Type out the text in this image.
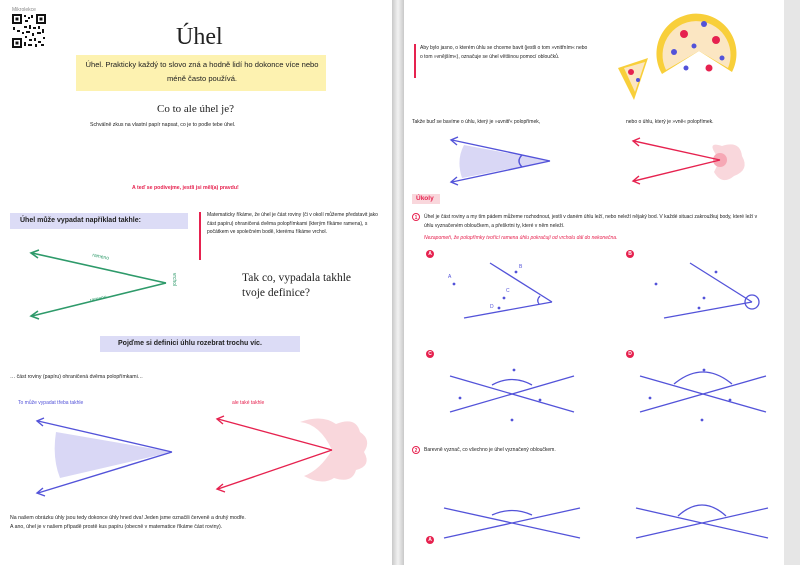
Mikrolekce

Úhel

Úhel. Prakticky každý to slovo zná a hodně lidí ho dokonce více nebo méně často používá.

Co to ale úhel je?

Schválně zkus na vlastní papír napsat, co je to podle tebe úhel.

A teď se podívejme, jestli jsi měl(a) pravdu!

Úhel může vypadat například takhle:

Matematicky říkáme, že úhel je část roviny (či v okolí můžeme představit jako část papíru) ohraničená dvěma polopřímkami (kterým říkáme ramena), s počátkem ve společném bodě, kterému říkáme vrchol.

rameno

rameno

vrchol	Tak co, vypadala takhle tvoje definice?

Pojďme si definici úhlu rozebrat trochu víc.

… část roviny (papíru) ohraničená dvěma polopřímkami…

To může vypadat třeba takhle	ale také takhle

Na našem obrázku úhly jsou tedy dokonce úhly hned dva! Jeden jsme označili červeně a druhý modře. A ano, úhel je v našem případě prostě kus papíru (obecně v matematice říkáme část roviny).

Aby bylo jasno, o kterém úhlu se chceme bavit (jestli o tom »vnitřním« nebo o tom »vnějším«), označuje se úhel většinou pomocí obloučků.

Takže buď se bavíme o úhlu, který je »uvnitř« polopřímek,	nebo o úhlu, který je »vně« polopřímek.

Úkoly

1	Úhel je část roviny a my tím pádem můžeme rozhodnout, jestli v daném úhlu leží, nebo neleží nějaký bod. V každé situaci zakroužkuj body, které leží v úhlu vyznačeném obloučkem, a přeškrtni ty, které v něm neleží.

Nezapomeň, že polopřímky tvořící ramena úhlu pokračují od vrcholu dál do nekonečna.

A	B
C	D

A

B

C

D

2	Barevně vyznač, co všechno je úhel vyznačený obloučkem.

A
